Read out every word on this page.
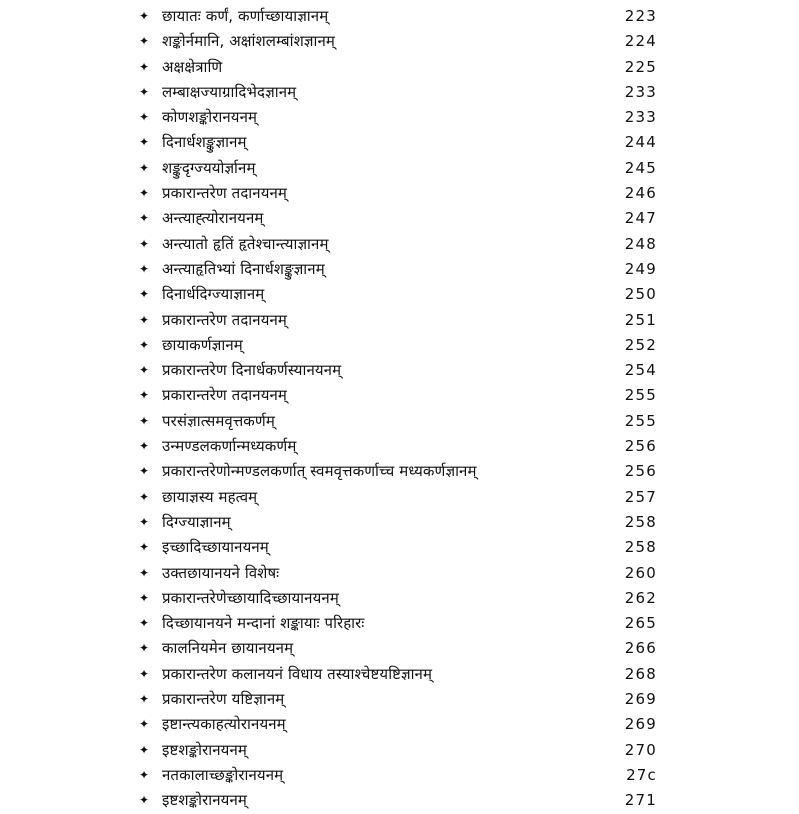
✦ छायातः कर्णं, कर्णाच्छायाज्ञानम्	223
✦ शङ्कोर्नमानि, अक्षांशलम्बांशज्ञानम्	224
✦ अक्षक्षेत्राणि	225
✦ लम्बाक्षज्याग्रादिभेदज्ञानम्	233
✦ कोणशङ्कोरानयनम्	233
✦ दिनार्धशङ्कुज्ञानम्	244
✦ शङ्कुदृग्ज्ययोर्ज्ञानम्	245
✦ प्रकारान्तरेण तदानयनम्	246
✦ अन्त्याह्त्योरानयनम्	247
✦ अन्त्यातो हृतिं हृतेश्चान्त्याज्ञानम्	248
✦ अन्त्याहृतिभ्यां दिनार्धशङ्कुज्ञानम्	249
✦ दिनार्धदिग्ज्याज्ञानम्	250
✦ प्रकारान्तरेण तदानयनम्	251
✦ छायाकर्णज्ञानम्	252
✦ प्रकारान्तरेण दिनार्धकर्णस्यानयनम्	254
✦ प्रकारान्तरेण तदानयनम्	255
✦ परसंज्ञात्समवृत्तकर्णम्	255
✦ उन्मण्डलकर्णान्मध्यकर्णम्	256
✦ प्रकारान्तरेणोन्मण्डलकर्णात् स्वमवृत्तकर्णाच्च मध्यकर्णज्ञानम्	256
✦ छायाज्ञस्य महत्वम्	257
✦ दिग्ज्याज्ञानम्	258
✦ इच्छादिच्छायानयनम्	258
✦ उक्तछायानयने विशेषः	260
✦ प्रकारान्तरेणेच्छायादिच्छायानयनम्	262
✦ दिच्छायानयने मन्दानां शङ्कायाः परिहारः	265
✦ कालनियमेन छायानयनम्	266
✦ प्रकारान्तरेण कलानयनं विधाय तस्याश्चेष्टयष्टिज्ञानम्	268
✦ प्रकारान्तरेण यष्टिज्ञानम्	269
✦ इष्टान्त्यकाहत्योरानयनम्	269
✦ इष्टशङ्कोरानयनम्	270
✦ नतकालाच्छङ्कोरानयनम्	27c
✦ इष्टशङ्कोरानयनम्	271
